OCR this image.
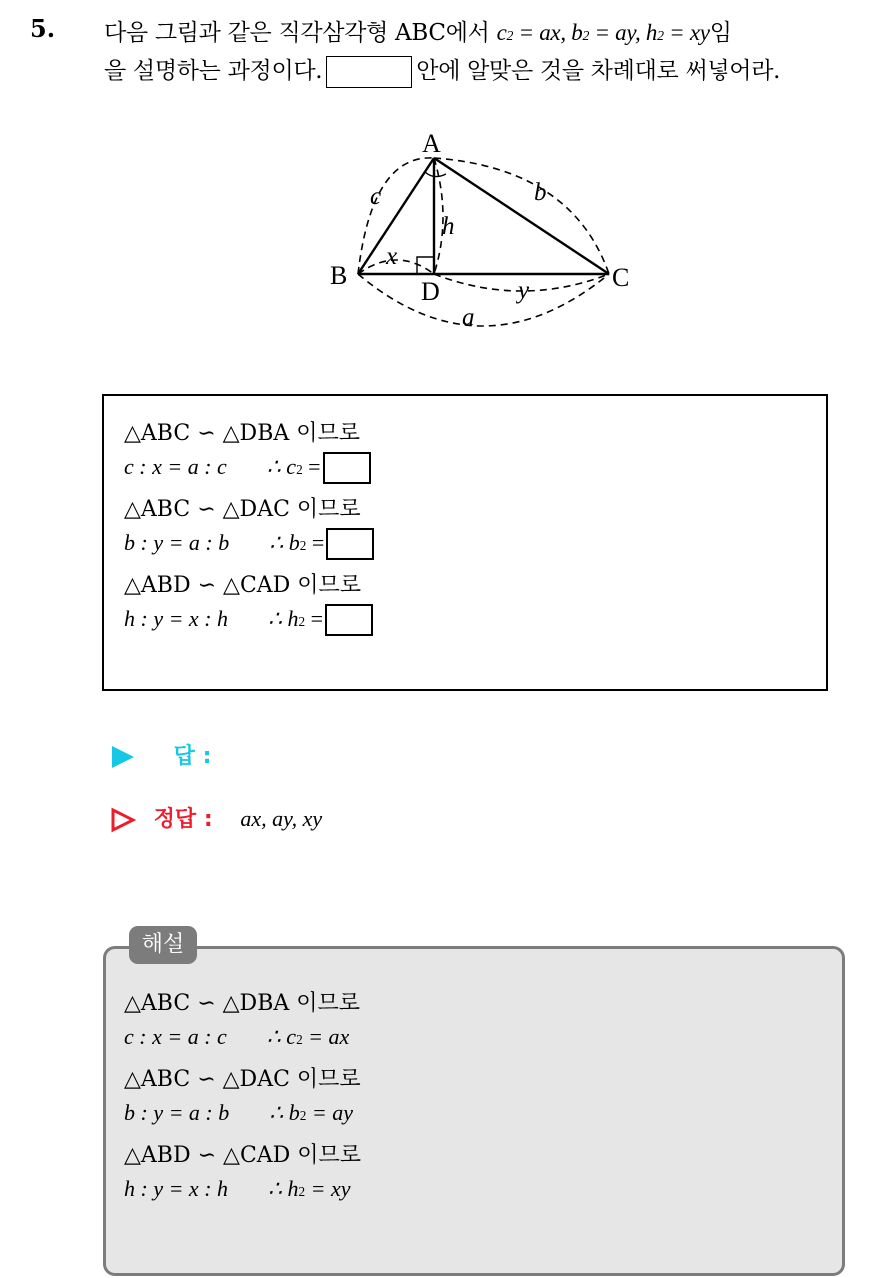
5. 다음 그림과 같은 직각삼각형 ABC에서 $c^2$ = ax, $b^2$ = ay, $h^2$ = xy임
을 설명하는 과정이다.	안에 알맞은 것을 차례대로 써넣어라.
A
B	C
D
c	b
h
x
y
a
△ABC ∽ △DBA 이므로
c : x = a : c ∴ $c^2$ =
△ABC ∽ △DAC 이므로
b : y = a : b ∴ $b^2$ =
△ABD ∽ △CAD 이므로
h : y = x : h ∴ $h^2$ =
답 :
정답 : ax, ay, xy
해설
△ABC ∽ △DBA 이므로
c : x = a : c ∴ $c^2$ = ax
△ABC ∽ △DAC 이므로
b : y = a : b ∴ $b^2$ = ay
△ABD ∽ △CAD 이므로
h : y = x : h ∴ $h^2$ = xy
